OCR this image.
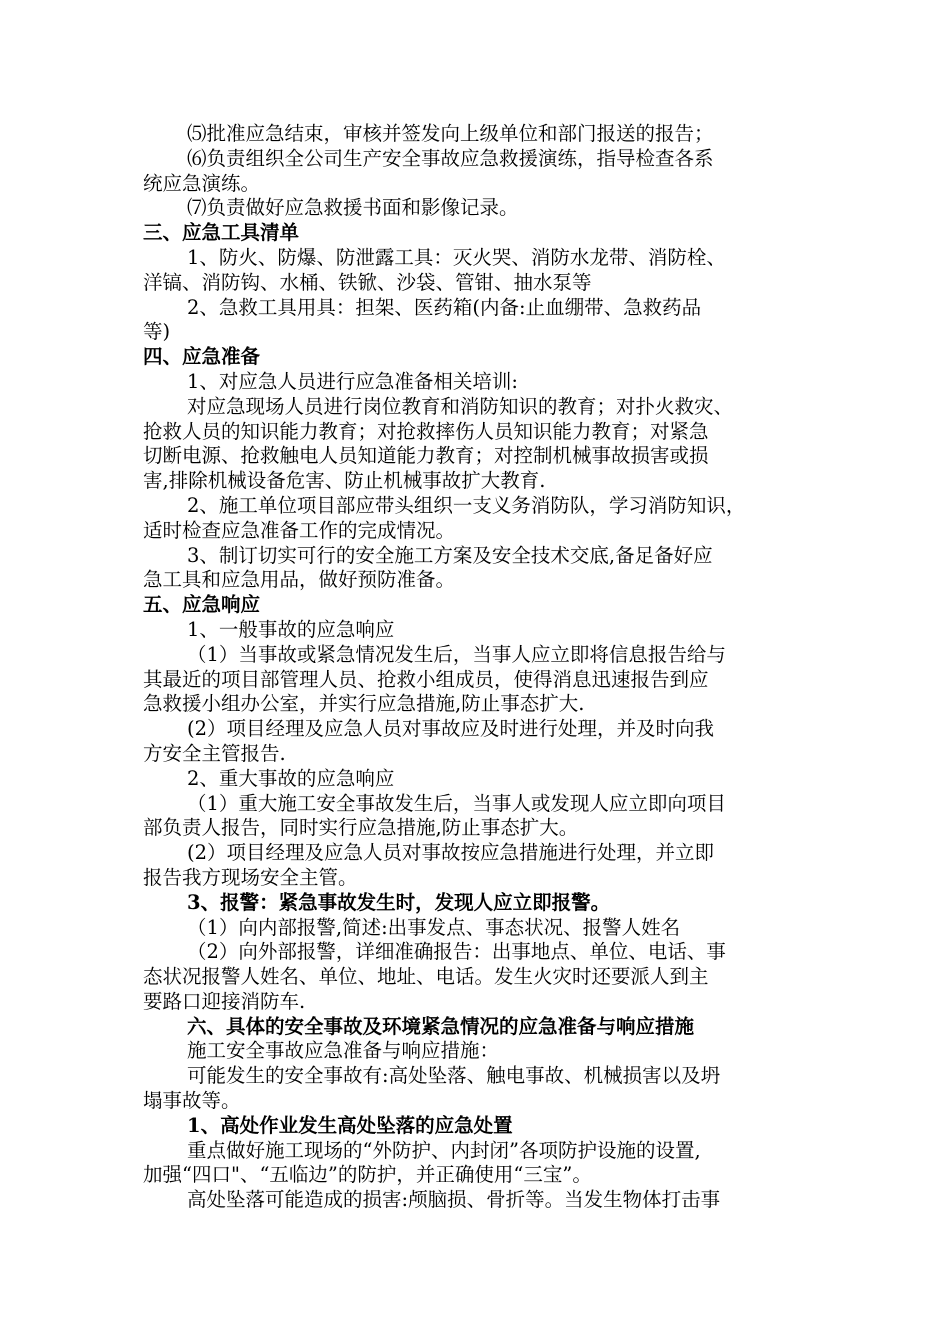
⑸批准应急结束，审核并签发向上级单位和部门报送的报告；
⑹负责组织全公司生产安全事故应急救援演练，指导检查各系
统应急演练。
⑺负责做好应急救援书面和影像记录。
三、应急工具清单
1、防火、防爆、防泄露工具：灭火哭、消防水龙带、消防栓、
洋镐、消防钩、水桶、铁锨、沙袋、管钳、抽水泵等
2、急救工具用具：担架、医药箱(内备:止血绷带、急救药品
等)
四、应急准备
1、对应急人员进行应急准备相关培训:
对应急现场人员进行岗位教育和消防知识的教育；对扑火救灾、
抢救人员的知识能力教育；对抢救摔伤人员知识能力教育；对紧急
切断电源、抢救触电人员知道能力教育；对控制机械事故损害或损
害,排除机械设备危害、防止机械事故扩大教育.
2、施工单位项目部应带头组织一支义务消防队，学习消防知识，
适时检查应急准备工作的完成情况。
3、制订切实可行的安全施工方案及安全技术交底,备足备好应
急工具和应急用品，做好预防准备。
五、应急响应
1、一般事故的应急响应
（1）当事故或紧急情况发生后，当事人应立即将信息报告给与
其最近的项目部管理人员、抢救小组成员，使得消息迅速报告到应
急救援小组办公室，并实行应急措施,防止事态扩大.
(2）项目经理及应急人员对事故应及时进行处理，并及时向我
方安全主管报告.
2、重大事故的应急响应
（1）重大施工安全事故发生后，当事人或发现人应立即向项目
部负责人报告，同时实行应急措施,防止事态扩大。
(2）项目经理及应急人员对事故按应急措施进行处理，并立即
报告我方现场安全主管。
3、报警：紧急事故发生时，发现人应立即报警。
（1）向内部报警,简述:出事发点、事态状况、报警人姓名
（2）向外部报警，详细准确报告：出事地点、单位、电话、事
态状况报警人姓名、单位、地址、电话。发生火灾时还要派人到主
要路口迎接消防车.
六、具体的安全事故及环境紧急情况的应急准备与响应措施
施工安全事故应急准备与响应措施：
可能发生的安全事故有:高处坠落、触电事故、机械损害以及坍
塌事故等。
1、高处作业发生高处坠落的应急处置
重点做好施工现场的“外防护、内封闭”各项防护设施的设置,
加强“四口"、“五临边”的防护，并正确使用“三宝”。
高处坠落可能造成的损害:颅脑损、骨折等。当发生物体打击事
